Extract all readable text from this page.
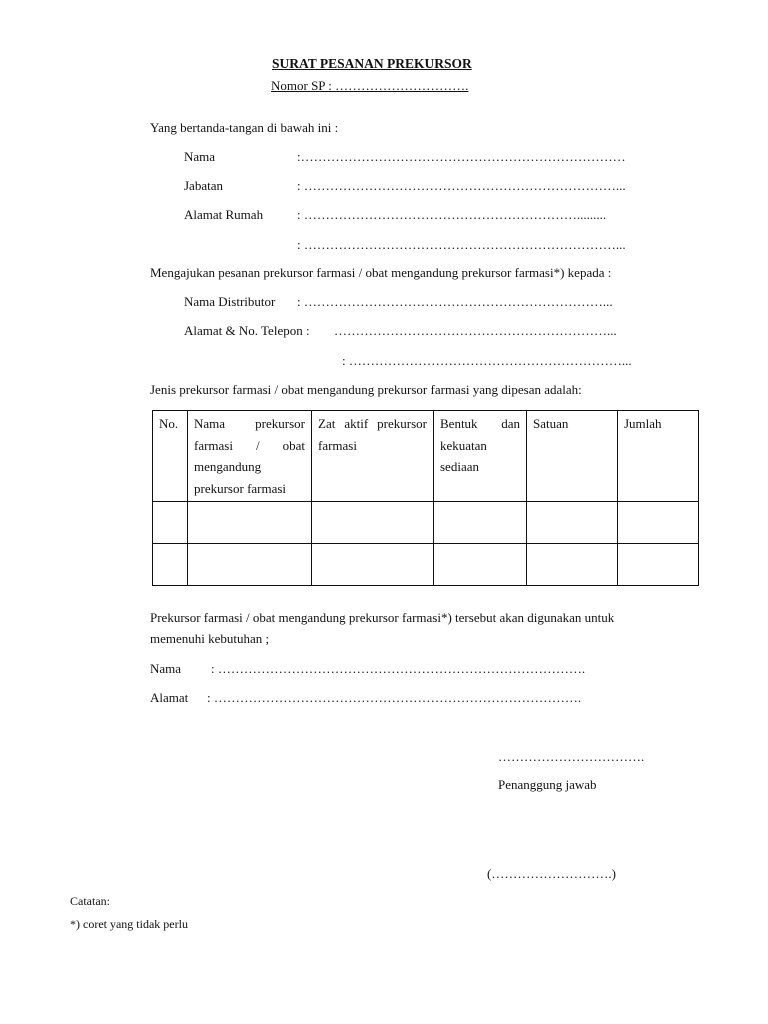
SURAT PESANAN PREKURSOR
Nomor SP : ………………………….
Yang bertanda-tangan di bawah ini :
Nama	:…………………………………………………………………
Jabatan	: ………………………………………………………………...
Alamat Rumah	: ……………………………………………………….........
: ………………………………………………………………...
Mengajukan pesanan prekursor farmasi / obat mengandung prekursor farmasi*) kepada :
Nama Distributor : ……………………………………………………………...
Alamat & No. Telepon : ………………………………………………………...
: ………………………………………………………...
Jenis prekursor farmasi / obat mengandung prekursor farmasi yang dipesan adalah:
No.	Nama prekursor farmasi / obat mengandung prekursor farmasi	Zat aktif prekursor farmasi	Bentuk dan kekuatan sediaan	Satuan	Jumlah

Prekursor farmasi / obat mengandung prekursor farmasi*) tersebut akan digunakan untuk
memenuhi kebutuhan ;
Nama : ………………………………………………………………………….
Alamat : ………………………………………………………………………….
…………………………….
Penanggung jawab
(……………………….)
Catatan:
*) coret yang tidak perlu
